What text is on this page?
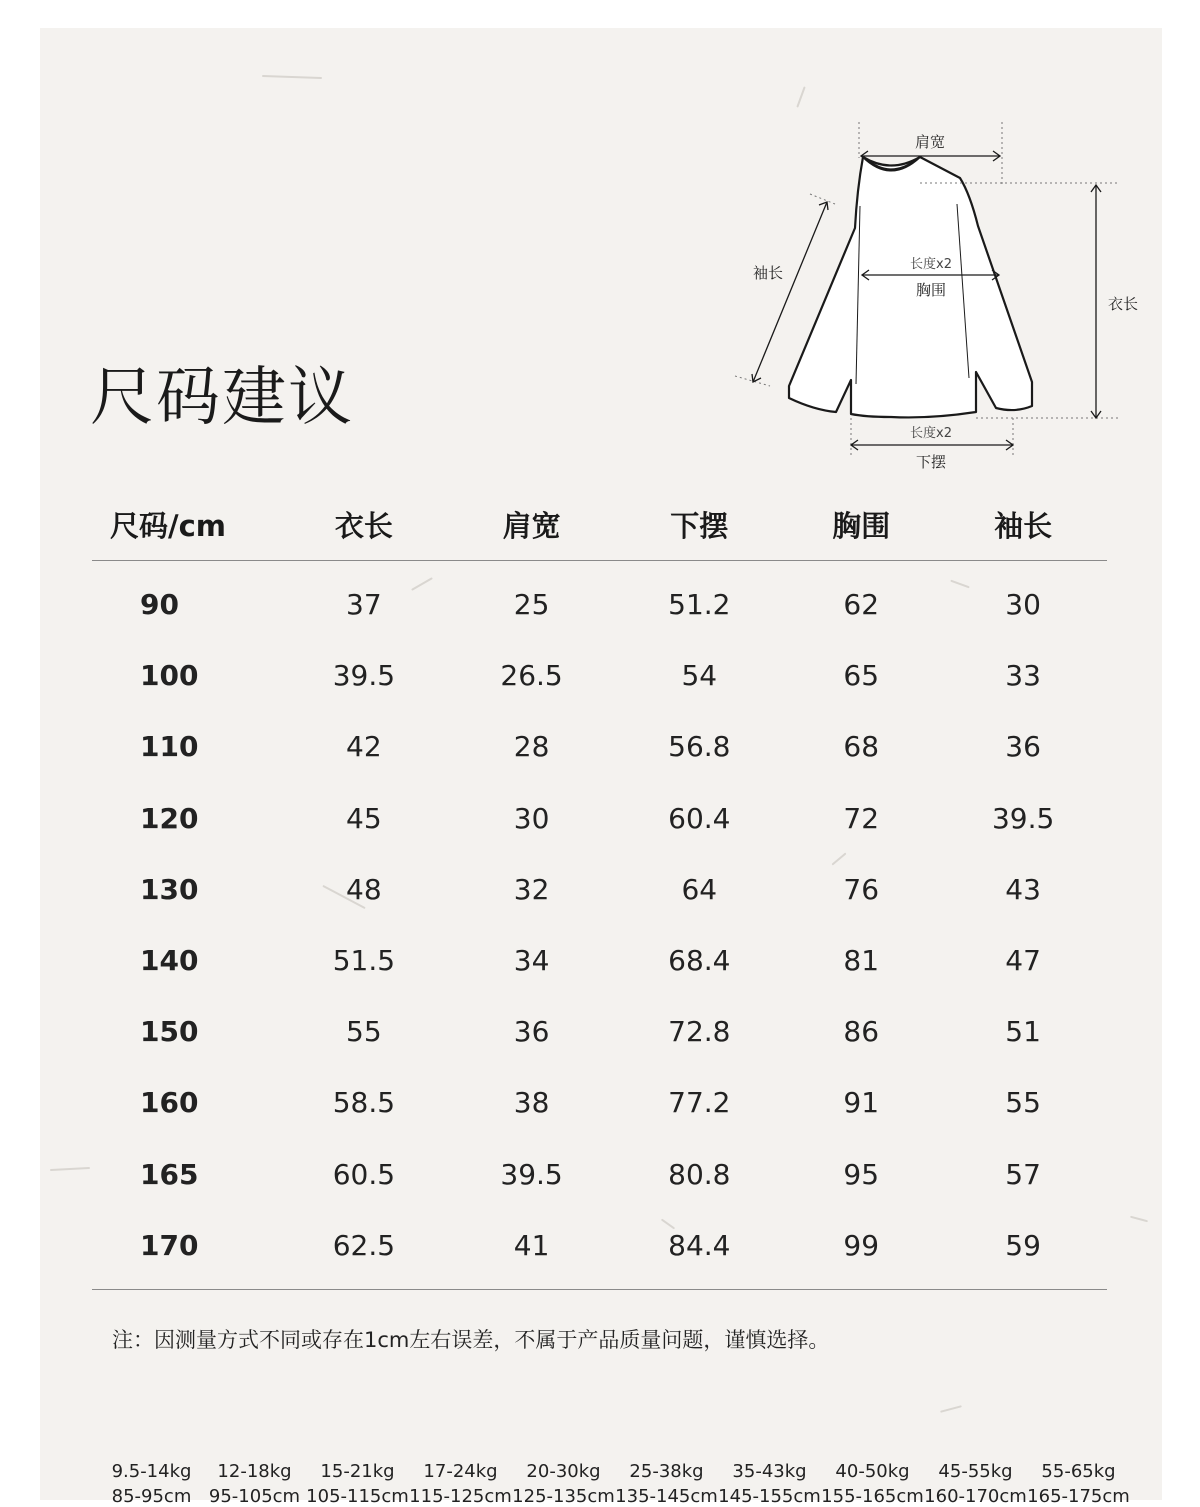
尺码建议
肩宽
袖长
衣长
长度x2
胸围
长度x2
下摆
尺码/cm	衣长	肩宽	下摆	胸围	袖长
90	37	25	51.2	62	30
100	39.5	26.5	54	65	33
110	42	28	56.8	68	36
120	45	30	60.4	72	39.5
130	48	32	64	76	43
140	51.5	34	68.4	81	47
150	55	36	72.8	86	51
160	58.5	38	77.2	91	55
165	60.5	39.5	80.8	95	57
170	62.5	41	84.4	99	59
注：因测量方式不同或存在1cm左右误差，不属于产品质量问题，谨慎选择。
9.5-14kg	12-18kg	15-21kg	17-24kg	20-30kg	25-38kg	35-43kg	40-50kg	45-55kg	55-65kg
85-95cm 95-105cm 105-115cm 115-125cm 125-135cm 135-145cm 145-155cm 155-165cm 160-170cm 165-175cm
